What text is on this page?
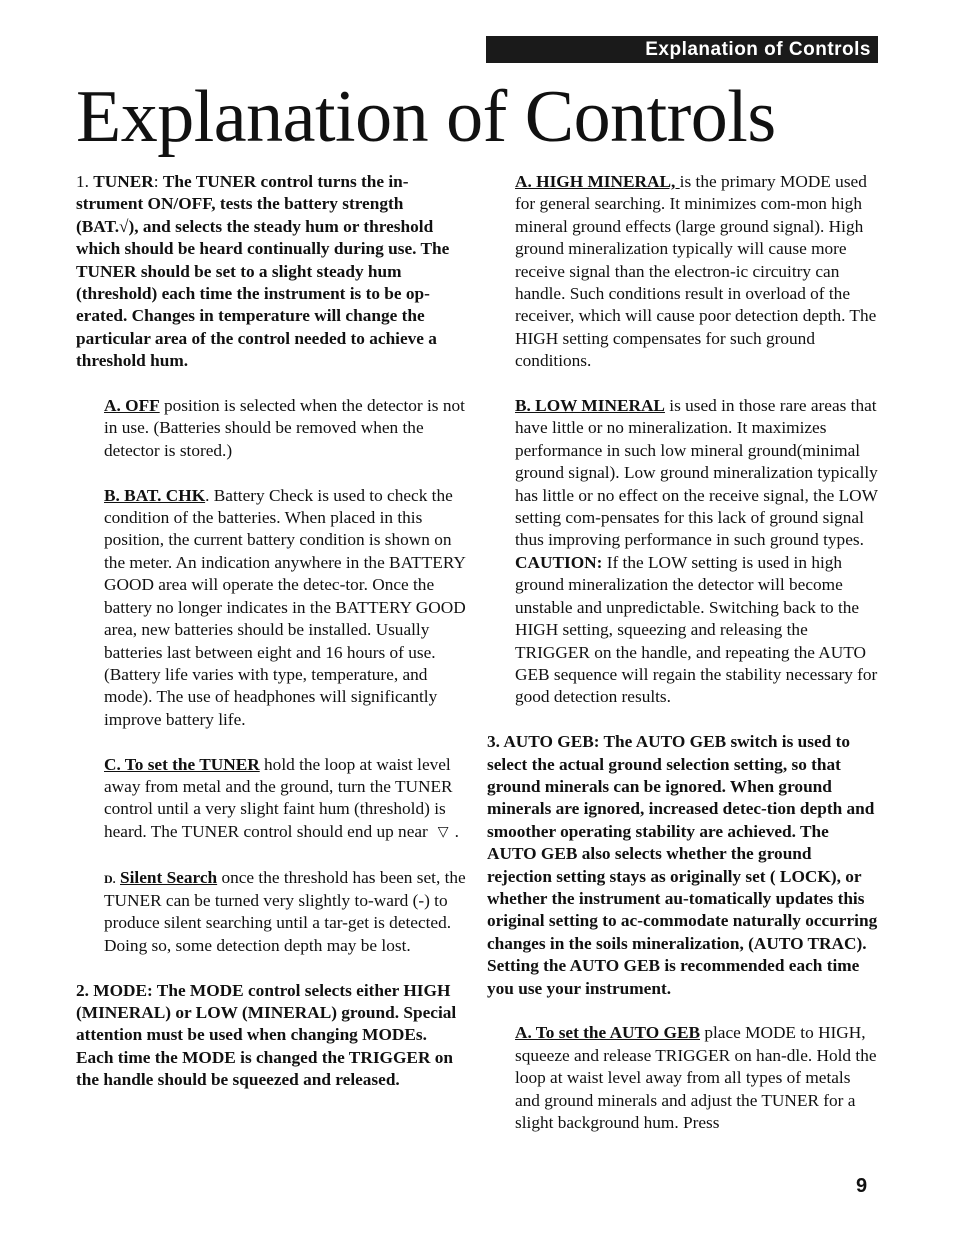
Explanation of Controls
Explanation of Controls

1. TUNER: The TUNER control turns the in-strument ON/OFF, tests the battery strength (BAT.√), and selects the steady hum or threshold which should be heard continually during use. The TUNER should be set to a slight steady hum (threshold) each time the instrument is to be op-erated. Changes in temperature will change the particular area of the control needed to achieve a threshold hum.

A. OFF position is selected when the detector is not in use. (Batteries should be removed when the detector is stored.)

B. BAT. CHK. Battery Check is used to check the condition of the batteries. When placed in this position, the current battery condition is shown on the meter. An indication anywhere in the BATTERY GOOD area will operate the detec-tor. Once the battery no longer indicates in the BATTERY GOOD area, new batteries should be installed. Usually batteries last between eight and 16 hours of use. (Battery life varies with type, temperature, and mode). The use of headphones will significantly improve battery life.

C. To set the TUNER hold the loop at waist level away from metal and the ground, turn the TUNER control until a very slight faint hum (threshold) is heard. The TUNER control should end up near ▽ .

D. Silent Search once the threshold has been set, the TUNER can be turned very slightly to-ward (-) to produce silent searching until a tar-get is detected. Doing so, some detection depth may be lost.

2. MODE: The MODE control selects either HIGH (MINERAL) or LOW (MINERAL) ground. Special attention must be used when changing MODEs. Each time the MODE is changed the TRIGGER on the handle should be squeezed and released.

A. HIGH MINERAL, is the primary MODE used for general searching. It minimizes com-mon high mineral ground effects (large ground signal). High ground mineralization typically will cause more receive signal than the electron-ic circuitry can handle. Such conditions result in overload of the receiver, which will cause poor detection depth. The HIGH setting compensates for such ground conditions.

B. LOW MINERAL is used in those rare areas that have little or no mineralization. It maximizes performance in such low mineral ground(minimal ground signal). Low ground mineralization typically has little or no effect on the receive signal, the LOW setting com-pensates for this lack of ground signal thus improving performance in such ground types. CAUTION: If the LOW setting is used in high ground mineralization the detector will become unstable and unpredictable. Switching back to the HIGH setting, squeezing and releasing the TRIGGER on the handle, and repeating the AUTO GEB sequence will regain the stability necessary for good detection results.

3. AUTO GEB: The AUTO GEB switch is used to select the actual ground selection setting, so that ground minerals can be ignored. When ground minerals are ignored, increased detec-tion depth and smoother operating stability are achieved. The AUTO GEB also selects whether the ground rejection setting stays as originally set ( LOCK), or whether the instrument au-tomatically updates this original setting to ac-commodate naturally occurring changes in the soils mineralization, (AUTO TRAC). Setting the AUTO GEB is recommended each time you use your instrument.

A. To set the AUTO GEB place MODE to HIGH, squeeze and release TRIGGER on han-dle. Hold the loop at waist level away from all types of metals and ground minerals and adjust the TUNER for a slight background hum. Press

9
